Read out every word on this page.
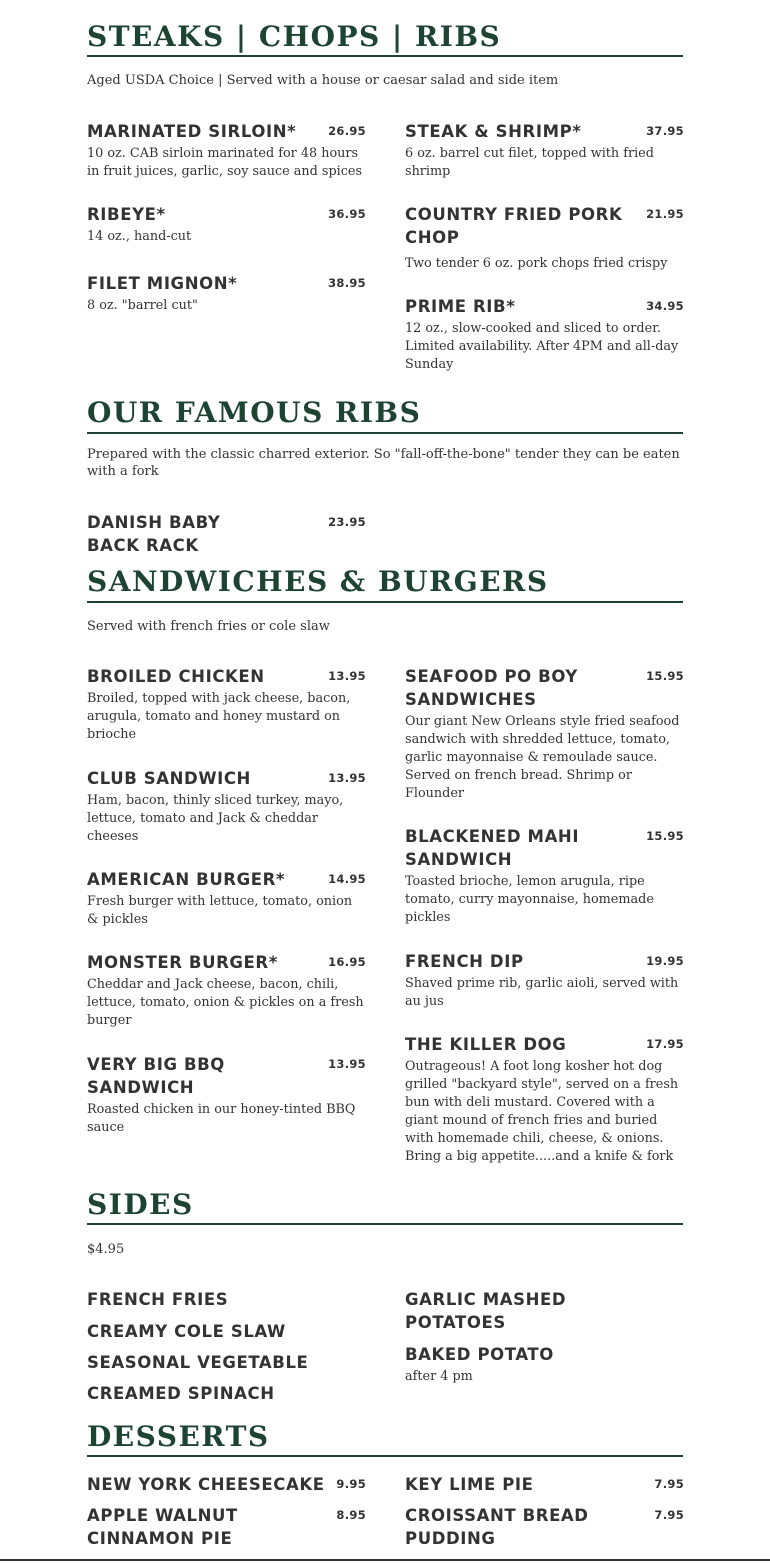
STEAKS | CHOPS | RIBS

Aged USDA Choice | Served with a house or caesar salad and side item

MARINATED SIRLOIN*	26.95
10 oz. CAB sirloin marinated for 48 hours in fruit juices, garlic, soy sauce and spices
RIBEYE*	36.95
14 oz., hand-cut
FILET MIGNON*	38.95
8 oz. "barrel cut"
STEAK & SHRIMP*	37.95
6 oz. barrel cut filet, topped with fried shrimp
COUNTRY FRIED PORK CHOP
21.95
Two tender 6 oz. pork chops fried crispy
PRIME RIB*	34.95
12 oz., slow-cooked and sliced to order. Limited availability. After 4PM and all-day Sunday
OUR FAMOUS RIBS

Prepared with the classic charred exterior. So "fall-off-the-bone" tender they can be eaten with a fork

DANISH BABY BACK RACK
23.95
SANDWICHES & BURGERS

Served with french fries or cole slaw

BROILED CHICKEN	13.95
Broiled, topped with jack cheese, bacon, arugula, tomato and honey mustard on brioche
CLUB SANDWICH	13.95
Ham, bacon, thinly sliced turkey, mayo, lettuce, tomato and Jack & cheddar cheeses
AMERICAN BURGER*	14.95
Fresh burger with lettuce, tomato, onion & pickles
MONSTER BURGER*	16.95
Cheddar and Jack cheese, bacon, chili, lettuce, tomato, onion & pickles on a fresh burger
VERY BIG BBQ SANDWICH
13.95
Roasted chicken in our honey-tinted BBQ sauce
SEAFOOD PO BOY SANDWICHES
15.95
Our giant New Orleans style fried seafood sandwich with shredded lettuce, tomato, garlic mayonnaise & remoulade sauce. Served on french bread. Shrimp or Flounder
BLACKENED MAHI SANDWICH
15.95
Toasted brioche, lemon arugula, ripe tomato, curry mayonnaise, homemade pickles
FRENCH DIP	19.95
Shaved prime rib, garlic aioli, served with au jus
THE KILLER DOG	17.95
Outrageous! A foot long kosher hot dog grilled "backyard style", served on a fresh bun with deli mustard. Covered with a giant mound of french fries and buried with homemade chili, cheese, & onions. Bring a big appetite.....and a knife & fork
SIDES

$4.95

FRENCH FRIES
CREAMY COLE SLAW
SEASONAL VEGETABLE
CREAMED SPINACH
GARLIC MASHED POTATOES
BAKED POTATO
after 4 pm
DESSERTS
NEW YORK CHEESECAKE	9.95
APPLE WALNUT CINNAMON PIE
8.95
KEY LIME PIE	7.95
CROISSANT BREAD PUDDING
7.95
